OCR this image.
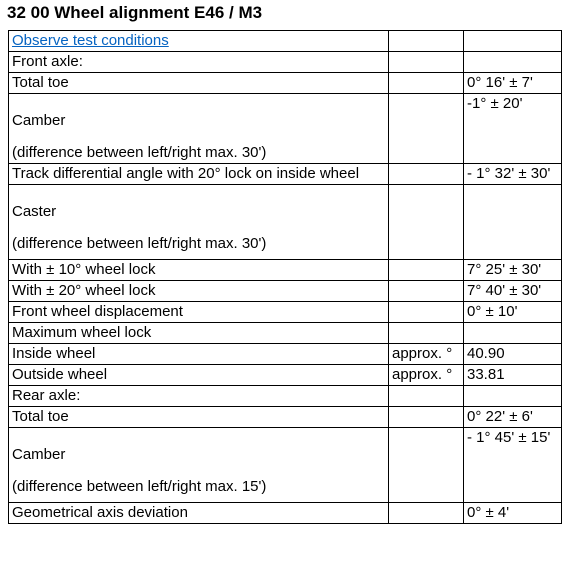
32 00 Wheel alignment E46 / M3
Observe test conditions		
Front axle:		
Total toe		0° 16' ± 7'

Camber
(difference between left/right max. 30')		-1° ± 20'
Track differential angle with 20° lock on inside wheel		- 1° 32' ± 30'

Caster
(difference between left/right max. 30')		

With ± 10° wheel lock		7° 25' ± 30'
With ± 20° wheel lock		7° 40' ± 30'
Front wheel displacement		0° ± 10'
Maximum wheel lock		
Inside wheel	approx. °	40.90
Outside wheel	approx. °	33.81
Rear axle:		
Total toe		0° 22' ± 6'

Camber
(difference between left/right max. 15')		- 1° 45' ± 15'
Geometrical axis deviation		0° ± 4'
